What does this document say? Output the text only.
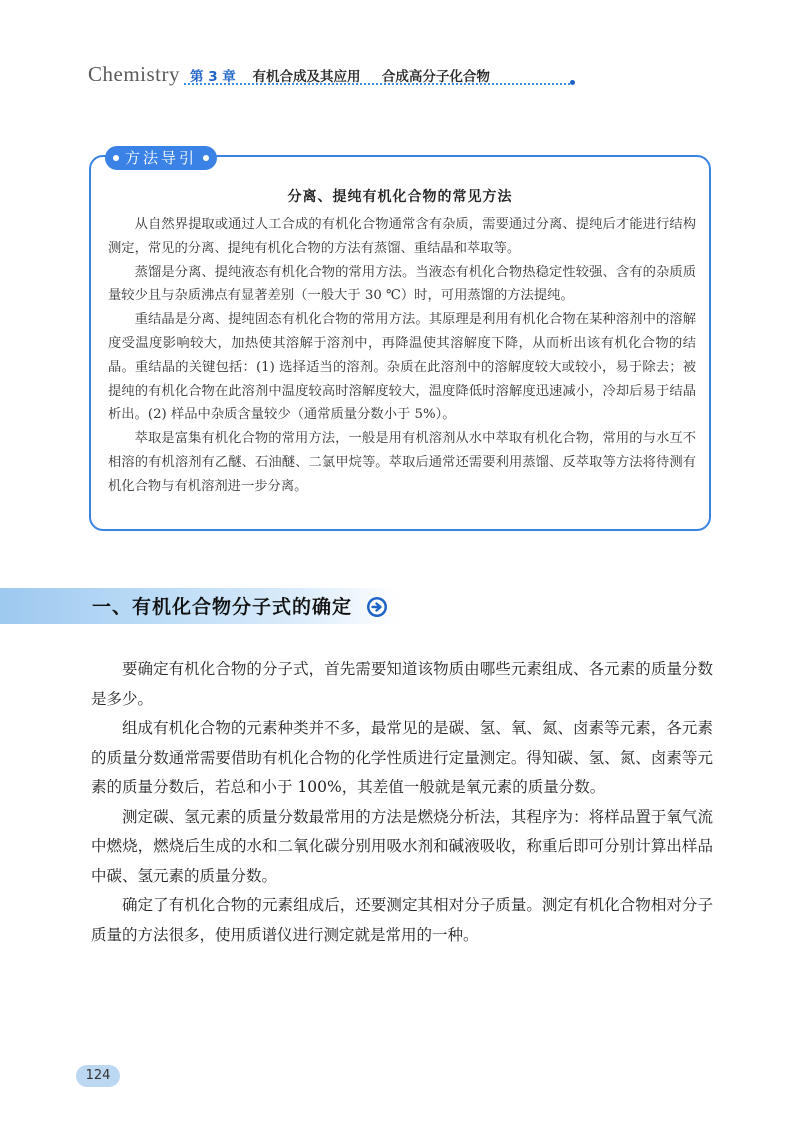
Chemistry 第 3 章 有机合成及其应用 合成高分子化合物
方法导引
分离、提纯有机化合物的常见方法

从自然界提取或通过人工合成的有机化合物通常含有杂质，需要通过分离、提纯后才能进行结构测定，常见的分离、提纯有机化合物的方法有蒸馏、重结晶和萃取等。

蒸馏是分离、提纯液态有机化合物的常用方法。当液态有机化合物热稳定性较强、含有的杂质质量较少且与杂质沸点有显著差别（一般大于 30 ℃）时，可用蒸馏的方法提纯。

重结晶是分离、提纯固态有机化合物的常用方法。其原理是利用有机化合物在某种溶剂中的溶解度受温度影响较大，加热使其溶解于溶剂中，再降温使其溶解度下降，从而析出该有机化合物的结晶。重结晶的关键包括：(1) 选择适当的溶剂。杂质在此溶剂中的溶解度较大或较小，易于除去；被提纯的有机化合物在此溶剂中温度较高时溶解度较大，温度降低时溶解度迅速减小，冷却后易于结晶析出。(2) 样品中杂质含量较少（通常质量分数小于 5%）。

萃取是富集有机化合物的常用方法，一般是用有机溶剂从水中萃取有机化合物，常用的与水互不相溶的有机溶剂有乙醚、石油醚、二氯甲烷等。萃取后通常还需要利用蒸馏、反萃取等方法将待测有机化合物与有机溶剂进一步分离。

一、有机化合物分子式的确定

要确定有机化合物的分子式，首先需要知道该物质由哪些元素组成、各元素的质量分数是多少。

组成有机化合物的元素种类并不多，最常见的是碳、氢、氧、氮、卤素等元素，各元素的质量分数通常需要借助有机化合物的化学性质进行定量测定。得知碳、氢、氮、卤素等元素的质量分数后，若总和小于 100%，其差值一般就是氧元素的质量分数。

测定碳、氢元素的质量分数最常用的方法是燃烧分析法，其程序为：将样品置于氧气流中燃烧，燃烧后生成的水和二氧化碳分别用吸水剂和碱液吸收，称重后即可分别计算出样品中碳、氢元素的质量分数。

确定了有机化合物的元素组成后，还要测定其相对分子质量。测定有机化合物相对分子质量的方法很多，使用质谱仪进行测定就是常用的一种。

124
